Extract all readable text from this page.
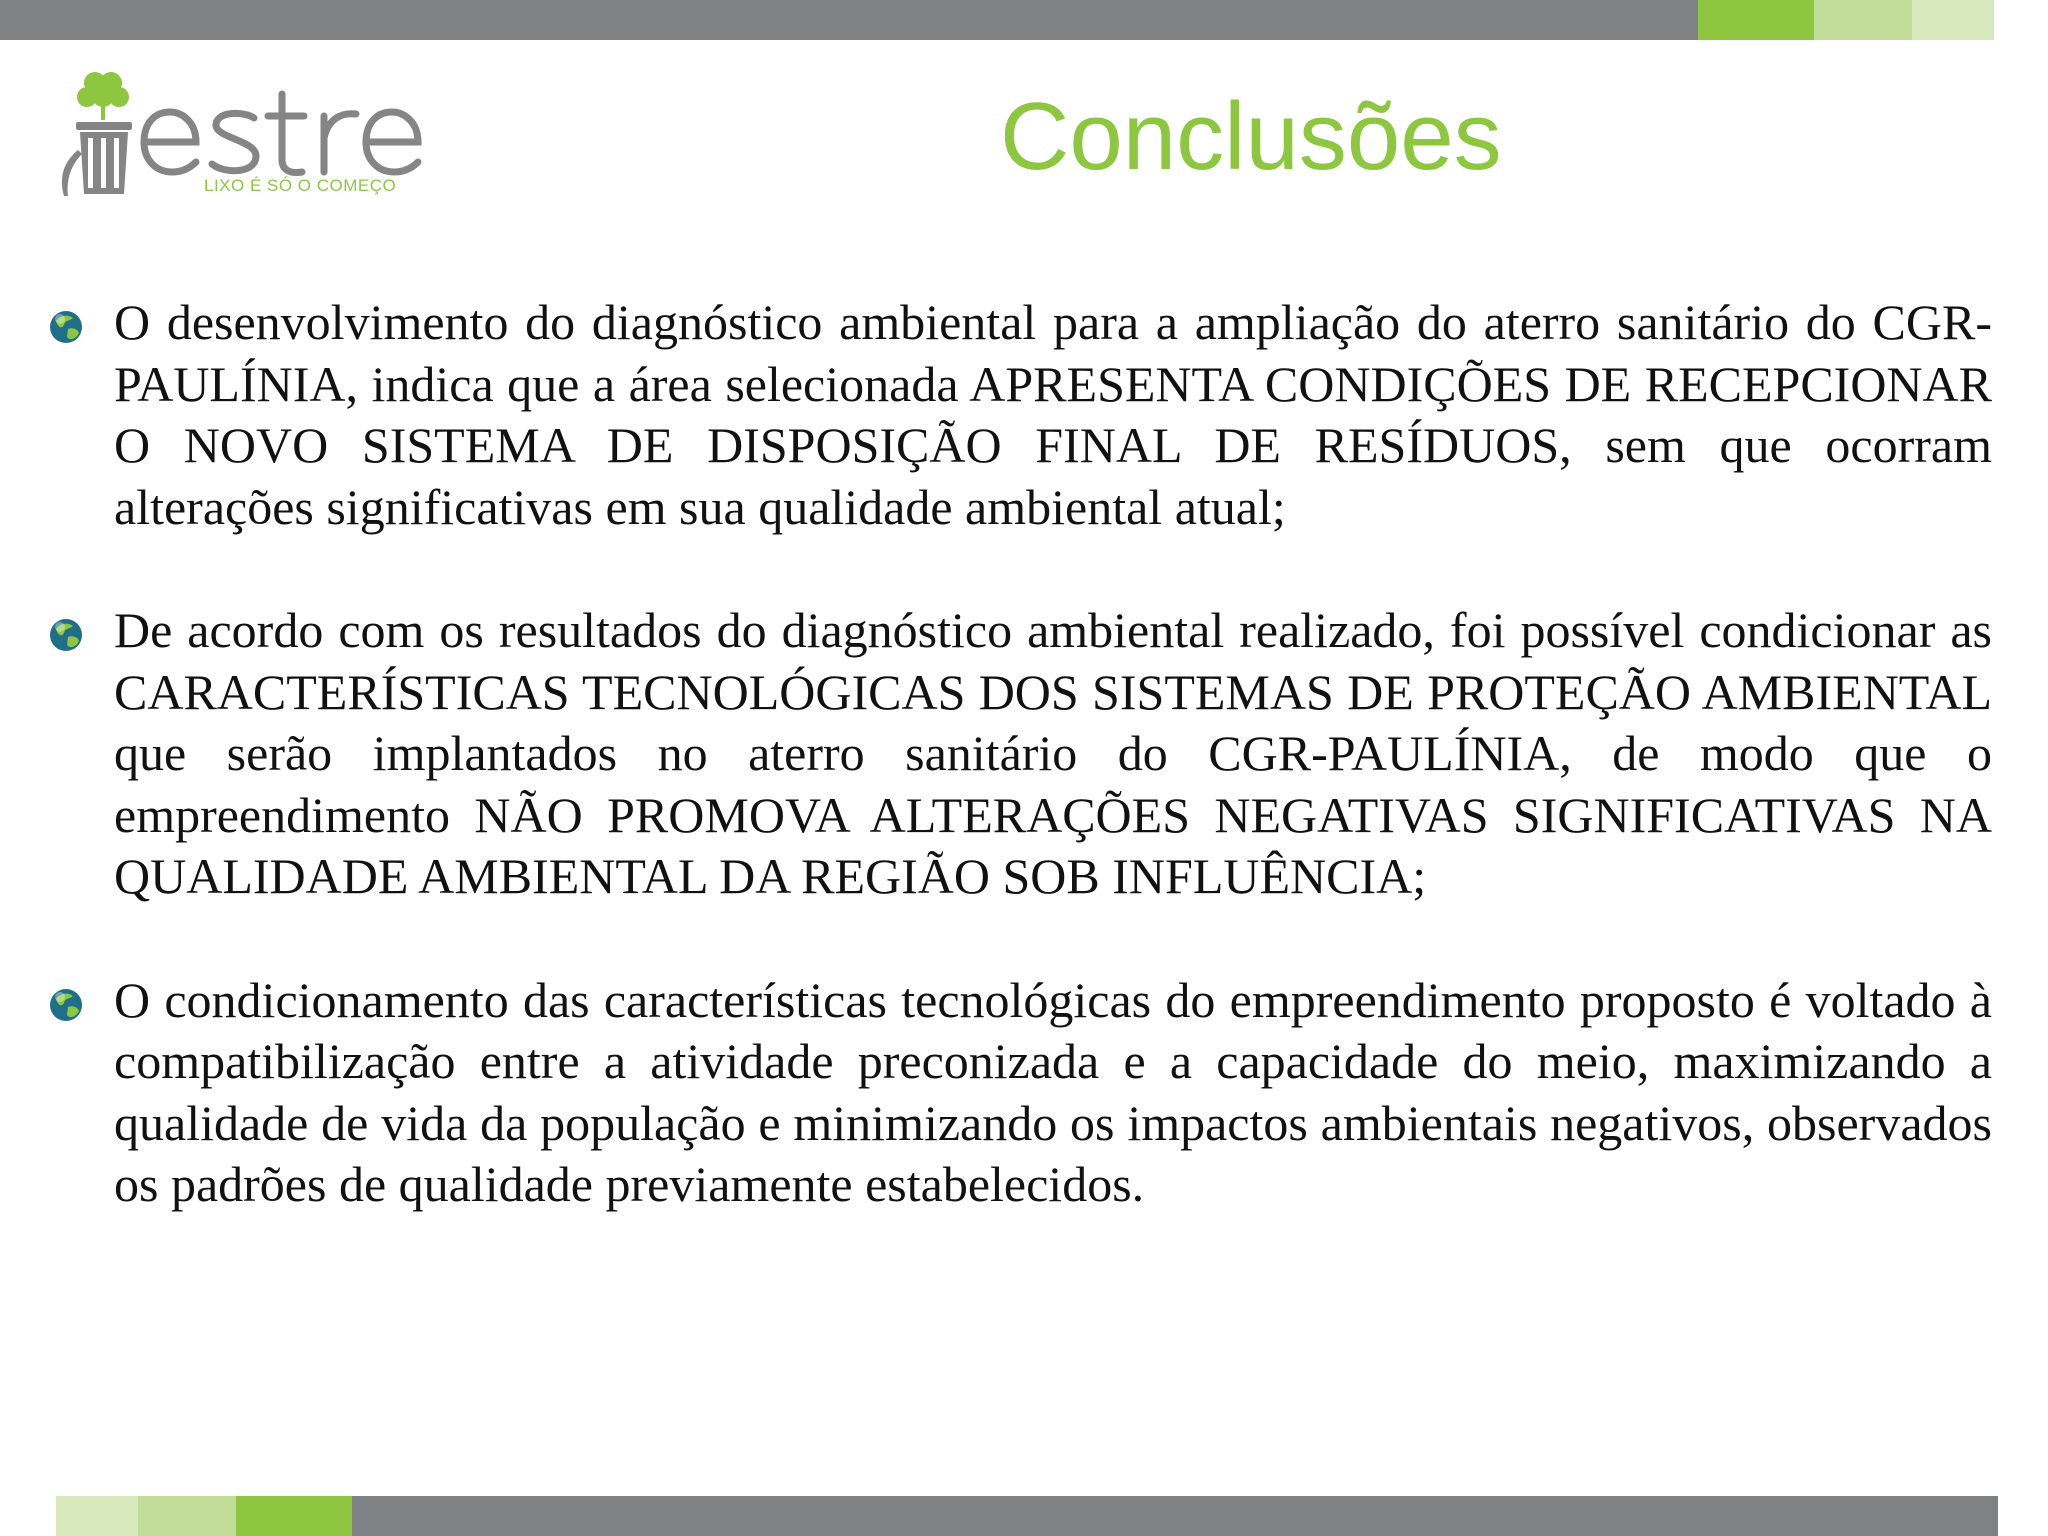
LIXO É SÓ O COMEÇO	Conclusões
O desenvolvimento do diagnóstico ambiental para a ampliação do aterro sanitário do CGR-PAULÍNIA, indica que a área selecionada APRESENTA CONDIÇÕES DE RECEPCIONAR O NOVO SISTEMA DE DISPOSIÇÃO FINAL DE RESÍDUOS, sem que ocorram alterações significativas em sua qualidade ambiental atual;
De acordo com os resultados do diagnóstico ambiental realizado, foi possível condicionar as CARACTERÍSTICAS TECNOLÓGICAS DOS SISTEMAS DE PROTEÇÃO AMBIENTAL que serão implantados no aterro sanitário do CGR-PAULÍNIA, de modo que o empreendimento NÃO PROMOVA ALTERAÇÕES NEGATIVAS SIGNIFICATIVAS NA QUALIDADE AMBIENTAL DA REGIÃO SOB INFLUÊNCIA;
O condicionamento das características tecnológicas do empreendimento proposto é voltado à compatibilização entre a atividade preconizada e a capacidade do meio, maximizando a qualidade de vida da população e minimizando os impactos ambientais negativos, observados os padrões de qualidade previamente estabelecidos.
